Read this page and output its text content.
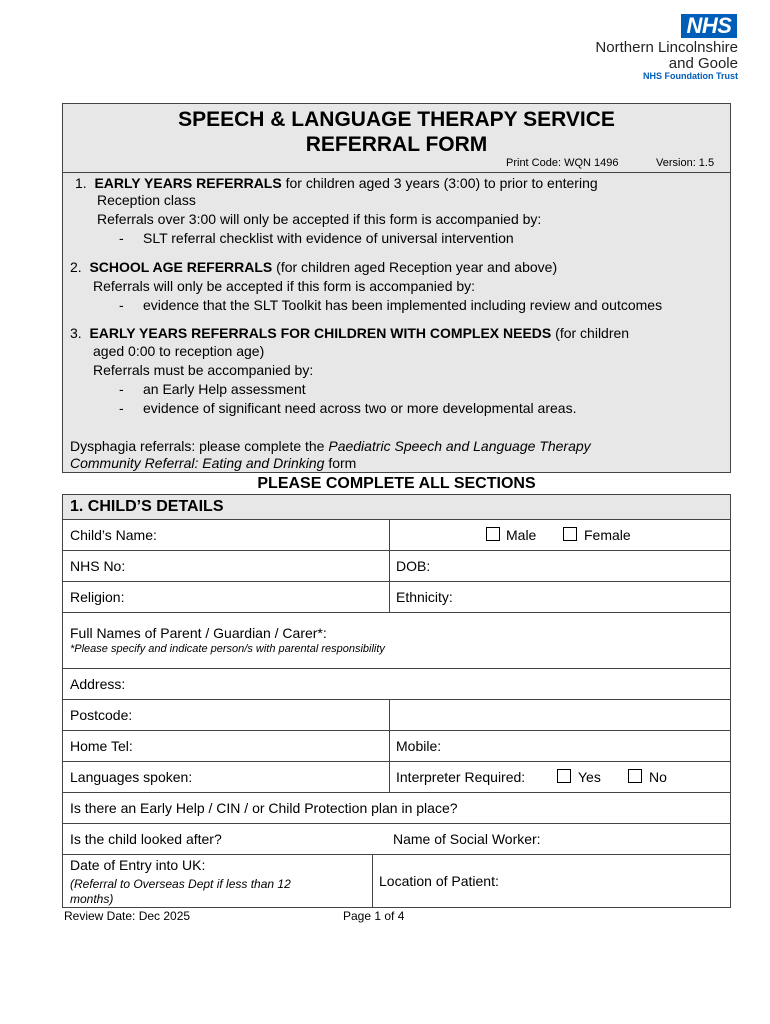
NHS
Northern Lincolnshire
and Goole
NHS Foundation Trust
SPEECH & LANGUAGE THERAPY SERVICE
REFERRAL FORM
Print Code: WQN 1496	Version: 1.5
1. EARLY YEARS REFERRALS for children aged 3 years (3:00) to prior to entering
Reception class
Referrals over 3:00 will only be accepted if this form is accompanied by:
- SLT referral checklist with evidence of universal intervention
2. SCHOOL AGE REFERRALS (for children aged Reception year and above)
Referrals will only be accepted if this form is accompanied by:
- evidence that the SLT Toolkit has been implemented including review and outcomes
3. EARLY YEARS REFERRALS FOR CHILDREN WITH COMPLEX NEEDS (for children
aged 0:00 to reception age)
Referrals must be accompanied by:
- an Early Help assessment
- evidence of significant need across two or more developmental areas.
Dysphagia referrals: please complete the Paediatric Speech and Language Therapy
Community Referral: Eating and Drinking form
PLEASE COMPLETE ALL SECTIONS
1. CHILD’S DETAILS
Child’s Name:	Male	Female
NHS No:	DOB:
Religion:	Ethnicity:
Full Names of Parent / Guardian / Carer*:
*Please specify and indicate person/s with parental responsibility
Address:
Postcode:
Home Tel:	Mobile:
Languages spoken:	Interpreter Required:	Yes	No
Is there an Early Help / CIN / or Child Protection plan in place?
Is the child looked after?	Name of Social Worker:
Date of Entry into UK:
(Referral to Overseas Dept if less than 12
months)
Location of Patient:
Review Date: Dec 2025	Page 1 of 4
